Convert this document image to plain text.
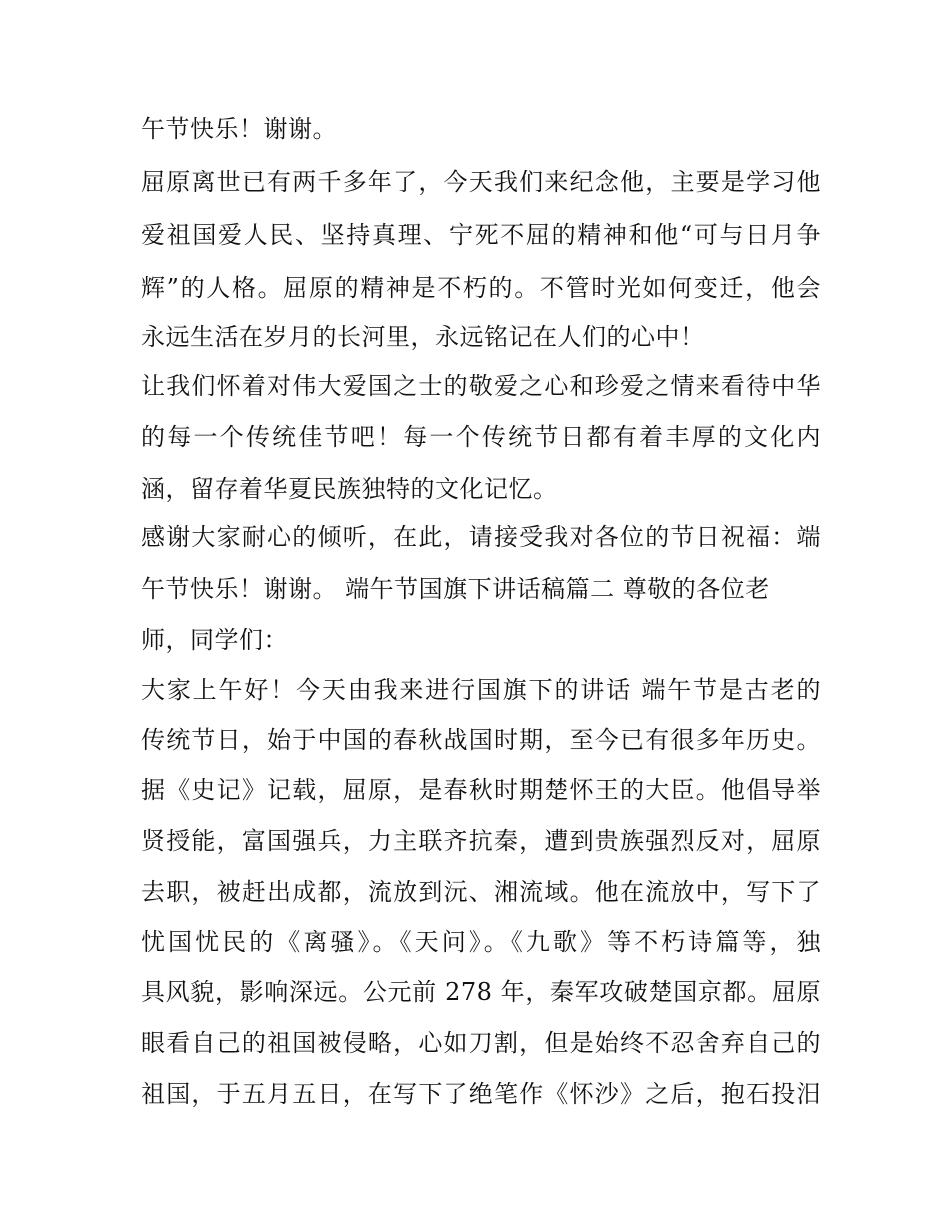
午节快乐！谢谢。
屈原离世已有两千多年了，今天我们来纪念他，主要是学习他
爱祖国爱人民、坚持真理、宁死不屈的精神和他“可与日月争
辉”的人格。屈原的精神是不朽的。不管时光如何变迁，他会
永远生活在岁月的长河里，永远铭记在人们的心中！
让我们怀着对伟大爱国之士的敬爱之心和珍爱之情来看待中华
的每一个传统佳节吧！每一个传统节日都有着丰厚的文化内
涵，留存着华夏民族独特的文化记忆。
感谢大家耐心的倾听，在此，请接受我对各位的节日祝福：端
午节快乐！谢谢。 端午节国旗下讲话稿篇二 尊敬的各位老
师，同学们：
大家上午好！今天由我来进行国旗下的讲话 端午节是古老的
传统节日，始于中国的春秋战国时期，至今已有很多年历史。
据《史记》记载，屈原，是春秋时期楚怀王的大臣。他倡导举
贤授能，富国强兵，力主联齐抗秦，遭到贵族强烈反对，屈原
去职，被赶出成都，流放到沅、湘流域。他在流放中，写下了
忧国忧民的《离骚》。《天问》。《九歌》等不朽诗篇等，独
具风貌，影响深远。公元前 278 年，秦军攻破楚国京都。屈原
眼看自己的祖国被侵略，心如刀割，但是始终不忍舍弃自己的
祖国，于五月五日，在写下了绝笔作《怀沙》之后，抱石投汨
